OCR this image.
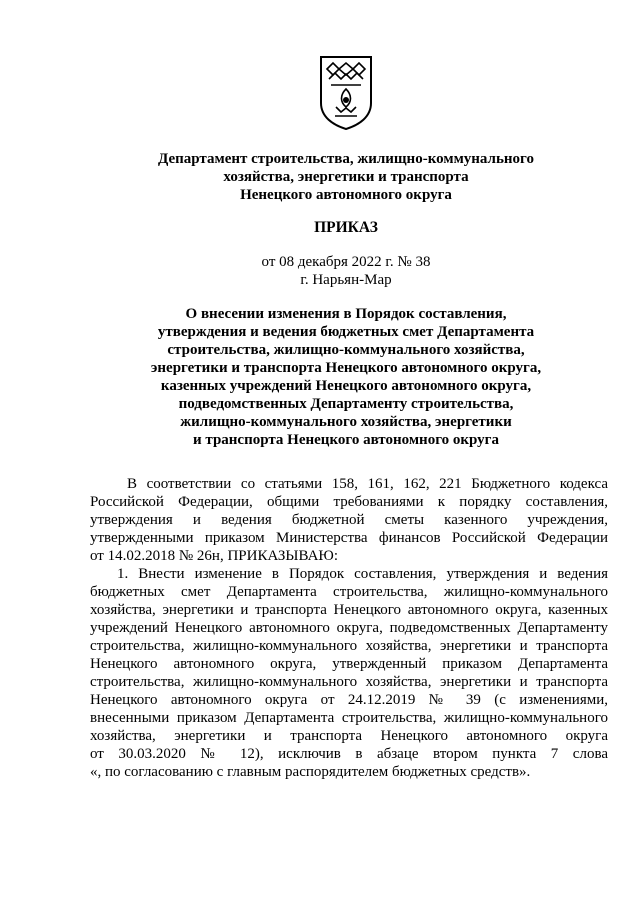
Департамент строительства, жилищно-коммунального
хозяйства, энергетики и транспорта
Ненецкого автономного округа
ПРИКАЗ
от 08 декабря 2022 г. № 38
г. Нарьян-Мар
О внесении изменения в Порядок составления,
утверждения и ведения бюджетных смет Департамента
строительства, жилищно-коммунального хозяйства,
энергетики и транспорта Ненецкого автономного округа,
казенных учреждений Ненецкого автономного округа,
подведомственных Департаменту строительства,
жилищно-коммунального хозяйства, энергетики
и транспорта Ненецкого автономного округа
В соответствии со статьями 158, 161, 162, 221 Бюджетного кодекса
Российской Федерации, общими требованиями к порядку составления,
утверждения и ведения бюджетной сметы казенного учреждения,
утвержденными приказом Министерства финансов Российской Федерации
от 14.02.2018 № 26н, ПРИКАЗЫВАЮ:
1. Внести изменение в Порядок составления, утверждения и ведения
бюджетных смет Департамента строительства, жилищно-коммунального
хозяйства, энергетики и транспорта Ненецкого автономного округа, казенных
учреждений Ненецкого автономного округа, подведомственных Департаменту
строительства, жилищно-коммунального хозяйства, энергетики и транспорта
Ненецкого автономного округа, утвержденный приказом Департамента
строительства, жилищно-коммунального хозяйства, энергетики и транспорта
Ненецкого автономного округа от 24.12.2019 № 39 (с изменениями,
внесенными приказом Департамента строительства, жилищно-коммунального
хозяйства, энергетики и транспорта Ненецкого автономного округа
от 30.03.2020 № 12), исключив в абзаце втором пункта 7 слова
«, по согласованию с главным распорядителем бюджетных средств».
